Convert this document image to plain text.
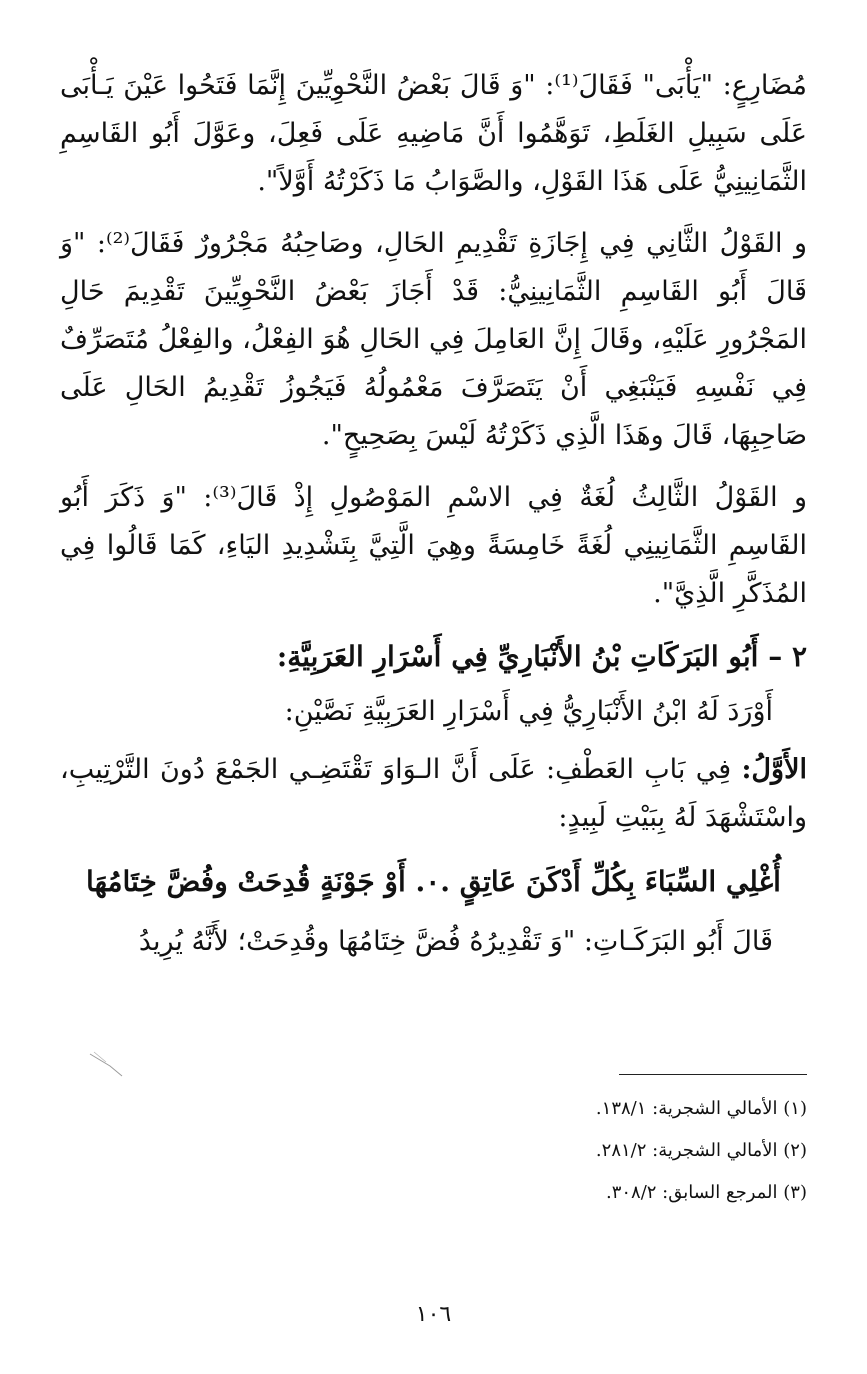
مُضَارِعٍ: "يَأْبَى" فَقَالَ⁽¹⁾: "وَ قَالَ بَعْضُ النَّحْوِيِّينَ إِنَّمَا فَتَحُوا عَيْنَ يَـأْبَى عَلَى سَبِيلِ الغَلَطِ، تَوَهَّمُوا أَنَّ مَاضِيهِ عَلَى فَعِلَ، وعَوَّلَ أَبُو القَاسِمِ الثَّمَانِينِيُّ عَلَى هَذَا القَوْلِ، والصَّوَابُ مَا ذَكَرْتُهُ أَوَّلاً".

و القَوْلُ الثَّانِي فِي إِجَازَةِ تَقْدِيمِ الحَالِ، وصَاحِبُهُ مَجْرُورٌ فَقَالَ⁽²⁾: "وَ قَالَ أَبُو القَاسِمِ الثَّمَانِينِيُّ: قَدْ أَجَازَ بَعْضُ النَّحْوِيِّينَ تَقْدِيمَ حَالِ المَجْرُورِ عَلَيْهِ، وقَالَ إِنَّ العَامِلَ فِي الحَالِ هُوَ الفِعْلُ، والفِعْلُ مُتَصَرِّفٌ فِي نَفْسِهِ فَيَنْبَغِي أَنْ يَتَصَرَّفَ مَعْمُولُهُ فَيَجُوزُ تَقْدِيمُ الحَالِ عَلَى صَاحِبِهَا، قَالَ وهَذَا الَّذِي ذَكَرْتُهُ لَيْسَ بِصَحِيحٍ".

و القَوْلُ الثَّالِثُ لُغَةٌ فِي الاسْمِ المَوْصُولِ إِذْ قَالَ⁽³⁾: "وَ ذَكَرَ أَبُو القَاسِمِ الثَّمَانِينِي لُغَةً خَامِسَةً وهِيَ الَّتِيَّ بِتَشْدِيدِ اليَاءِ، كَمَا قَالُوا فِي المُذَكَّرِ الَّذِيَّ".

٢ – أَبُو البَرَكَاتِ بْنُ الأَنْبَارِيِّ فِي أَسْرَارِ العَرَبِيَّةِ:
أَوْرَدَ لَهُ ابْنُ الأَنْبَارِيُّ فِي أَسْرَارِ العَرَبِيَّةِ نَصَّيْنِ:

الأَوَّلُ: فِي بَابِ العَطْفِ: عَلَى أَنَّ الـوَاوَ تَقْتَضِـي الجَمْعَ دُونَ التَّرْتِيبِ، واسْتَشْهَدَ لَهُ بِبَيْتِ لَبِيدٍ:

أُغْلِي السِّبَاءَ بِكُلِّ أَدْكَنَ عَاتِقٍ .٠. أَوْ جَوْنَةٍ قُدِحَتْ وفُضَّ خِتَامُهَا
قَالَ أَبُو البَرَكَـاتِ: "وَ تَقْدِيرُهُ فُضَّ خِتَامُهَا وقُدِحَتْ؛ لأَنَّهُ يُرِيدُ
(١) الأمالي الشجرية: ١٣٨/١.
(٢) الأمالي الشجرية: ٢٨١/٢.
(٣) المرجع السابق: ٣٠٨/٢.
١٠٦
